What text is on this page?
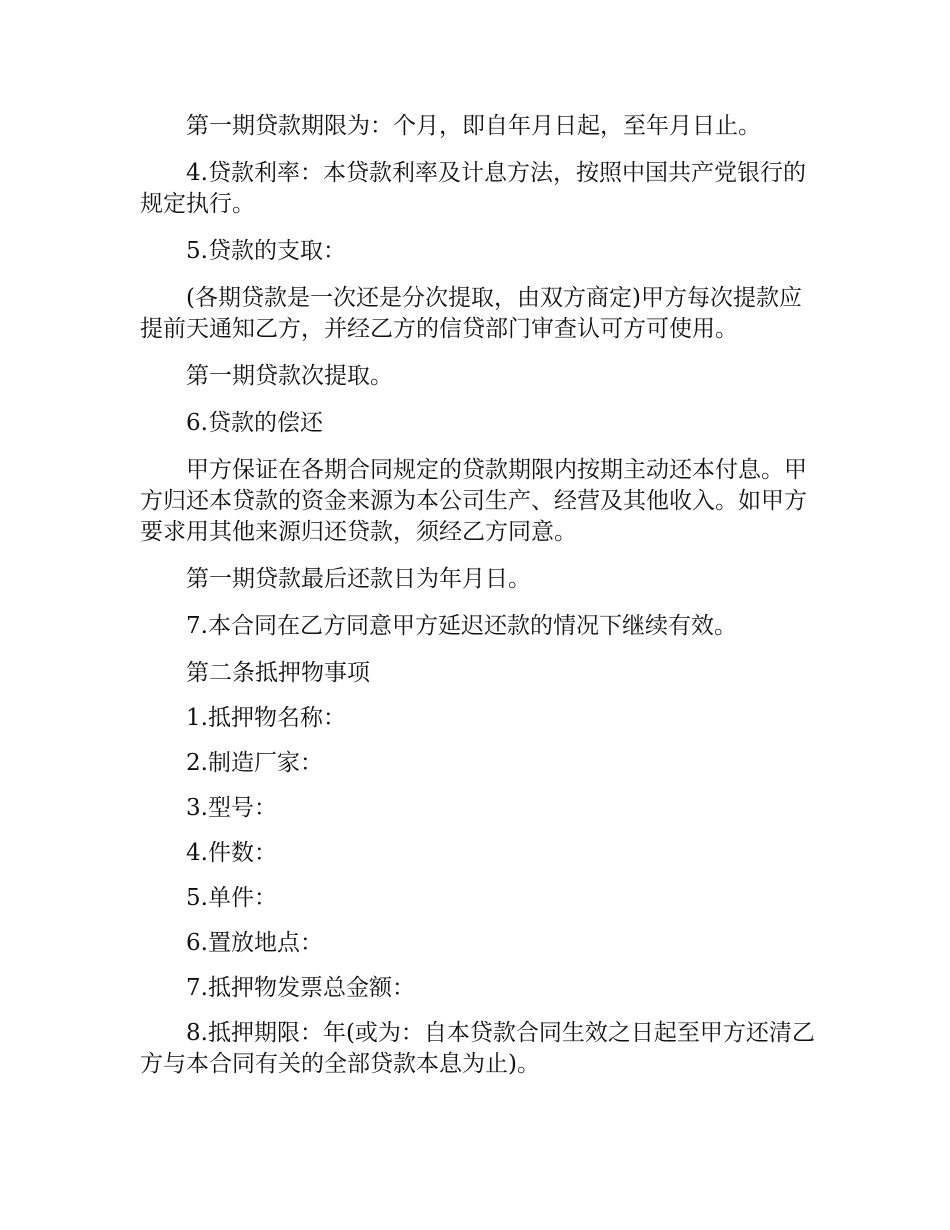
第一期贷款期限为：个月，即自年月日起，至年月日止。

4.贷款利率：本贷款利率及计息方法，按照中国共产党银行的规定执行。

5.贷款的支取：

(各期贷款是一次还是分次提取，由双方商定)甲方每次提款应提前天通知乙方，并经乙方的信贷部门审查认可方可使用。

第一期贷款次提取。

6.贷款的偿还

甲方保证在各期合同规定的贷款期限内按期主动还本付息。甲方归还本贷款的资金来源为本公司生产、经营及其他收入。如甲方要求用其他来源归还贷款，须经乙方同意。

第一期贷款最后还款日为年月日。

7.本合同在乙方同意甲方延迟还款的情况下继续有效。

第二条抵押物事项

1.抵押物名称：

2.制造厂家：

3.型号：

4.件数：

5.单件：

6.置放地点：

7.抵押物发票总金额：

8.抵押期限：年(或为：自本贷款合同生效之日起至甲方还清乙方与本合同有关的全部贷款本息为止)。
